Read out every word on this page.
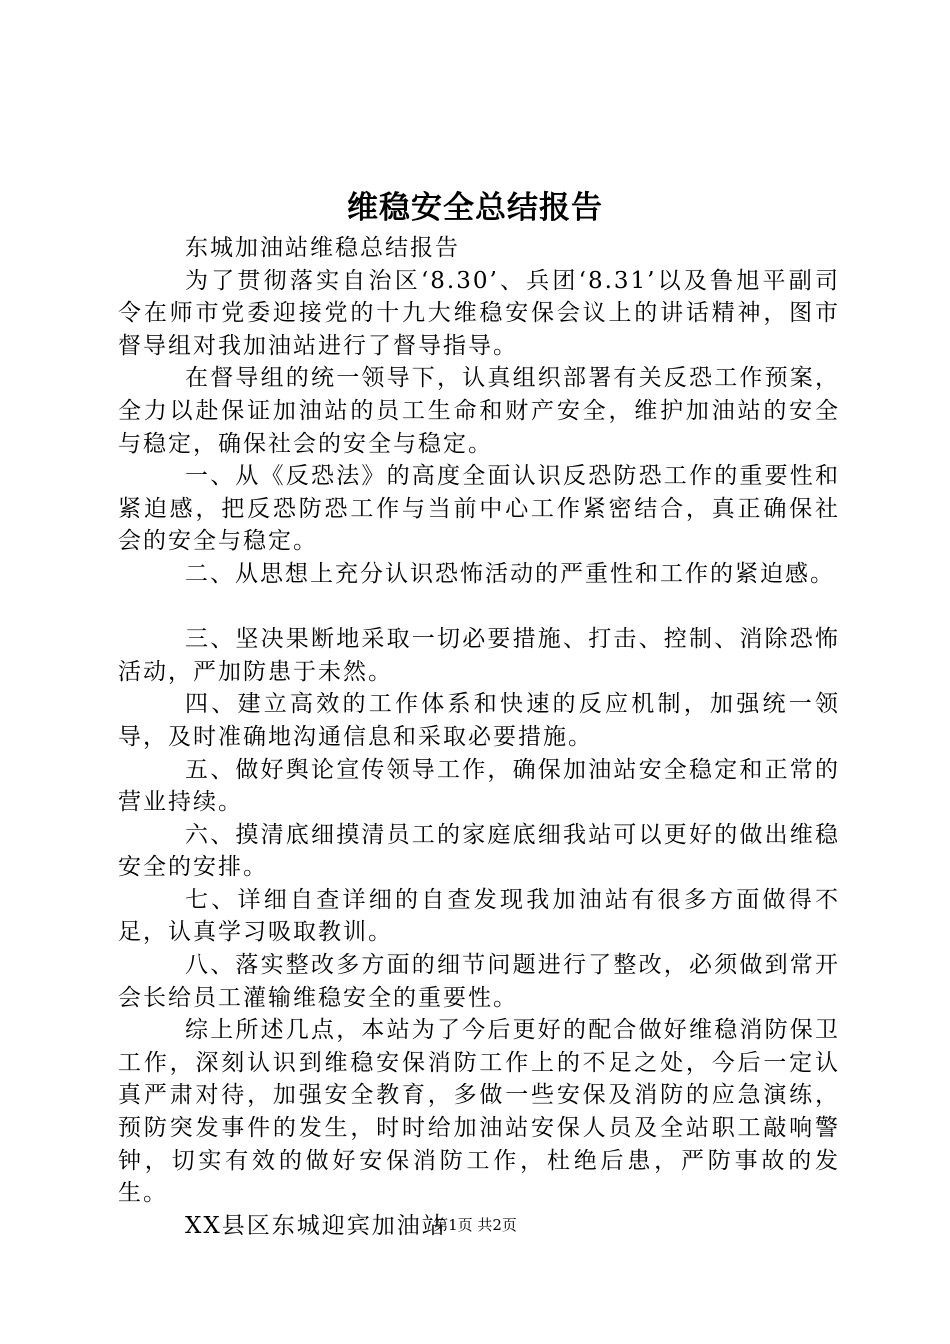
维稳安全总结报告

东城加油站维稳总结报告

为了贯彻落实自治区‘8.30’、兵团‘8.31’以及鲁旭平副司令在师市党委迎接党的十九大维稳安保会议上的讲话精神，图市督导组对我加油站进行了督导指导。

在督导组的统一领导下，认真组织部署有关反恐工作预案，全力以赴保证加油站的员工生命和财产安全，维护加油站的安全与稳定，确保社会的安全与稳定。

一、从《反恐法》的高度全面认识反恐防恐工作的重要性和紧迫感，把反恐防恐工作与当前中心工作紧密结合，真正确保社会的安全与稳定。

二、从思想上充分认识恐怖活动的严重性和工作的紧迫感。

三、坚决果断地采取一切必要措施、打击、控制、消除恐怖活动，严加防患于未然。

四、建立高效的工作体系和快速的反应机制，加强统一领导，及时准确地沟通信息和采取必要措施。

五、做好舆论宣传领导工作，确保加油站安全稳定和正常的营业持续。

六、摸清底细摸清员工的家庭底细我站可以更好的做出维稳安全的安排。

七、详细自查详细的自查发现我加油站有很多方面做得不足，认真学习吸取教训。

八、落实整改多方面的细节问题进行了整改，必须做到常开会长给员工灌输维稳安全的重要性。

综上所述几点，本站为了今后更好的配合做好维稳消防保卫工作，深刻认识到维稳安保消防工作上的不足之处，今后一定认真严肃对待，加强安全教育，多做一些安保及消防的应急演练，预防突发事件的发生，时时给加油站安保人员及全站职工敲响警钟，切实有效的做好安保消防工作，杜绝后患，严防事故的发生。

XX县区东城迎宾加油站

第1页 共2页
